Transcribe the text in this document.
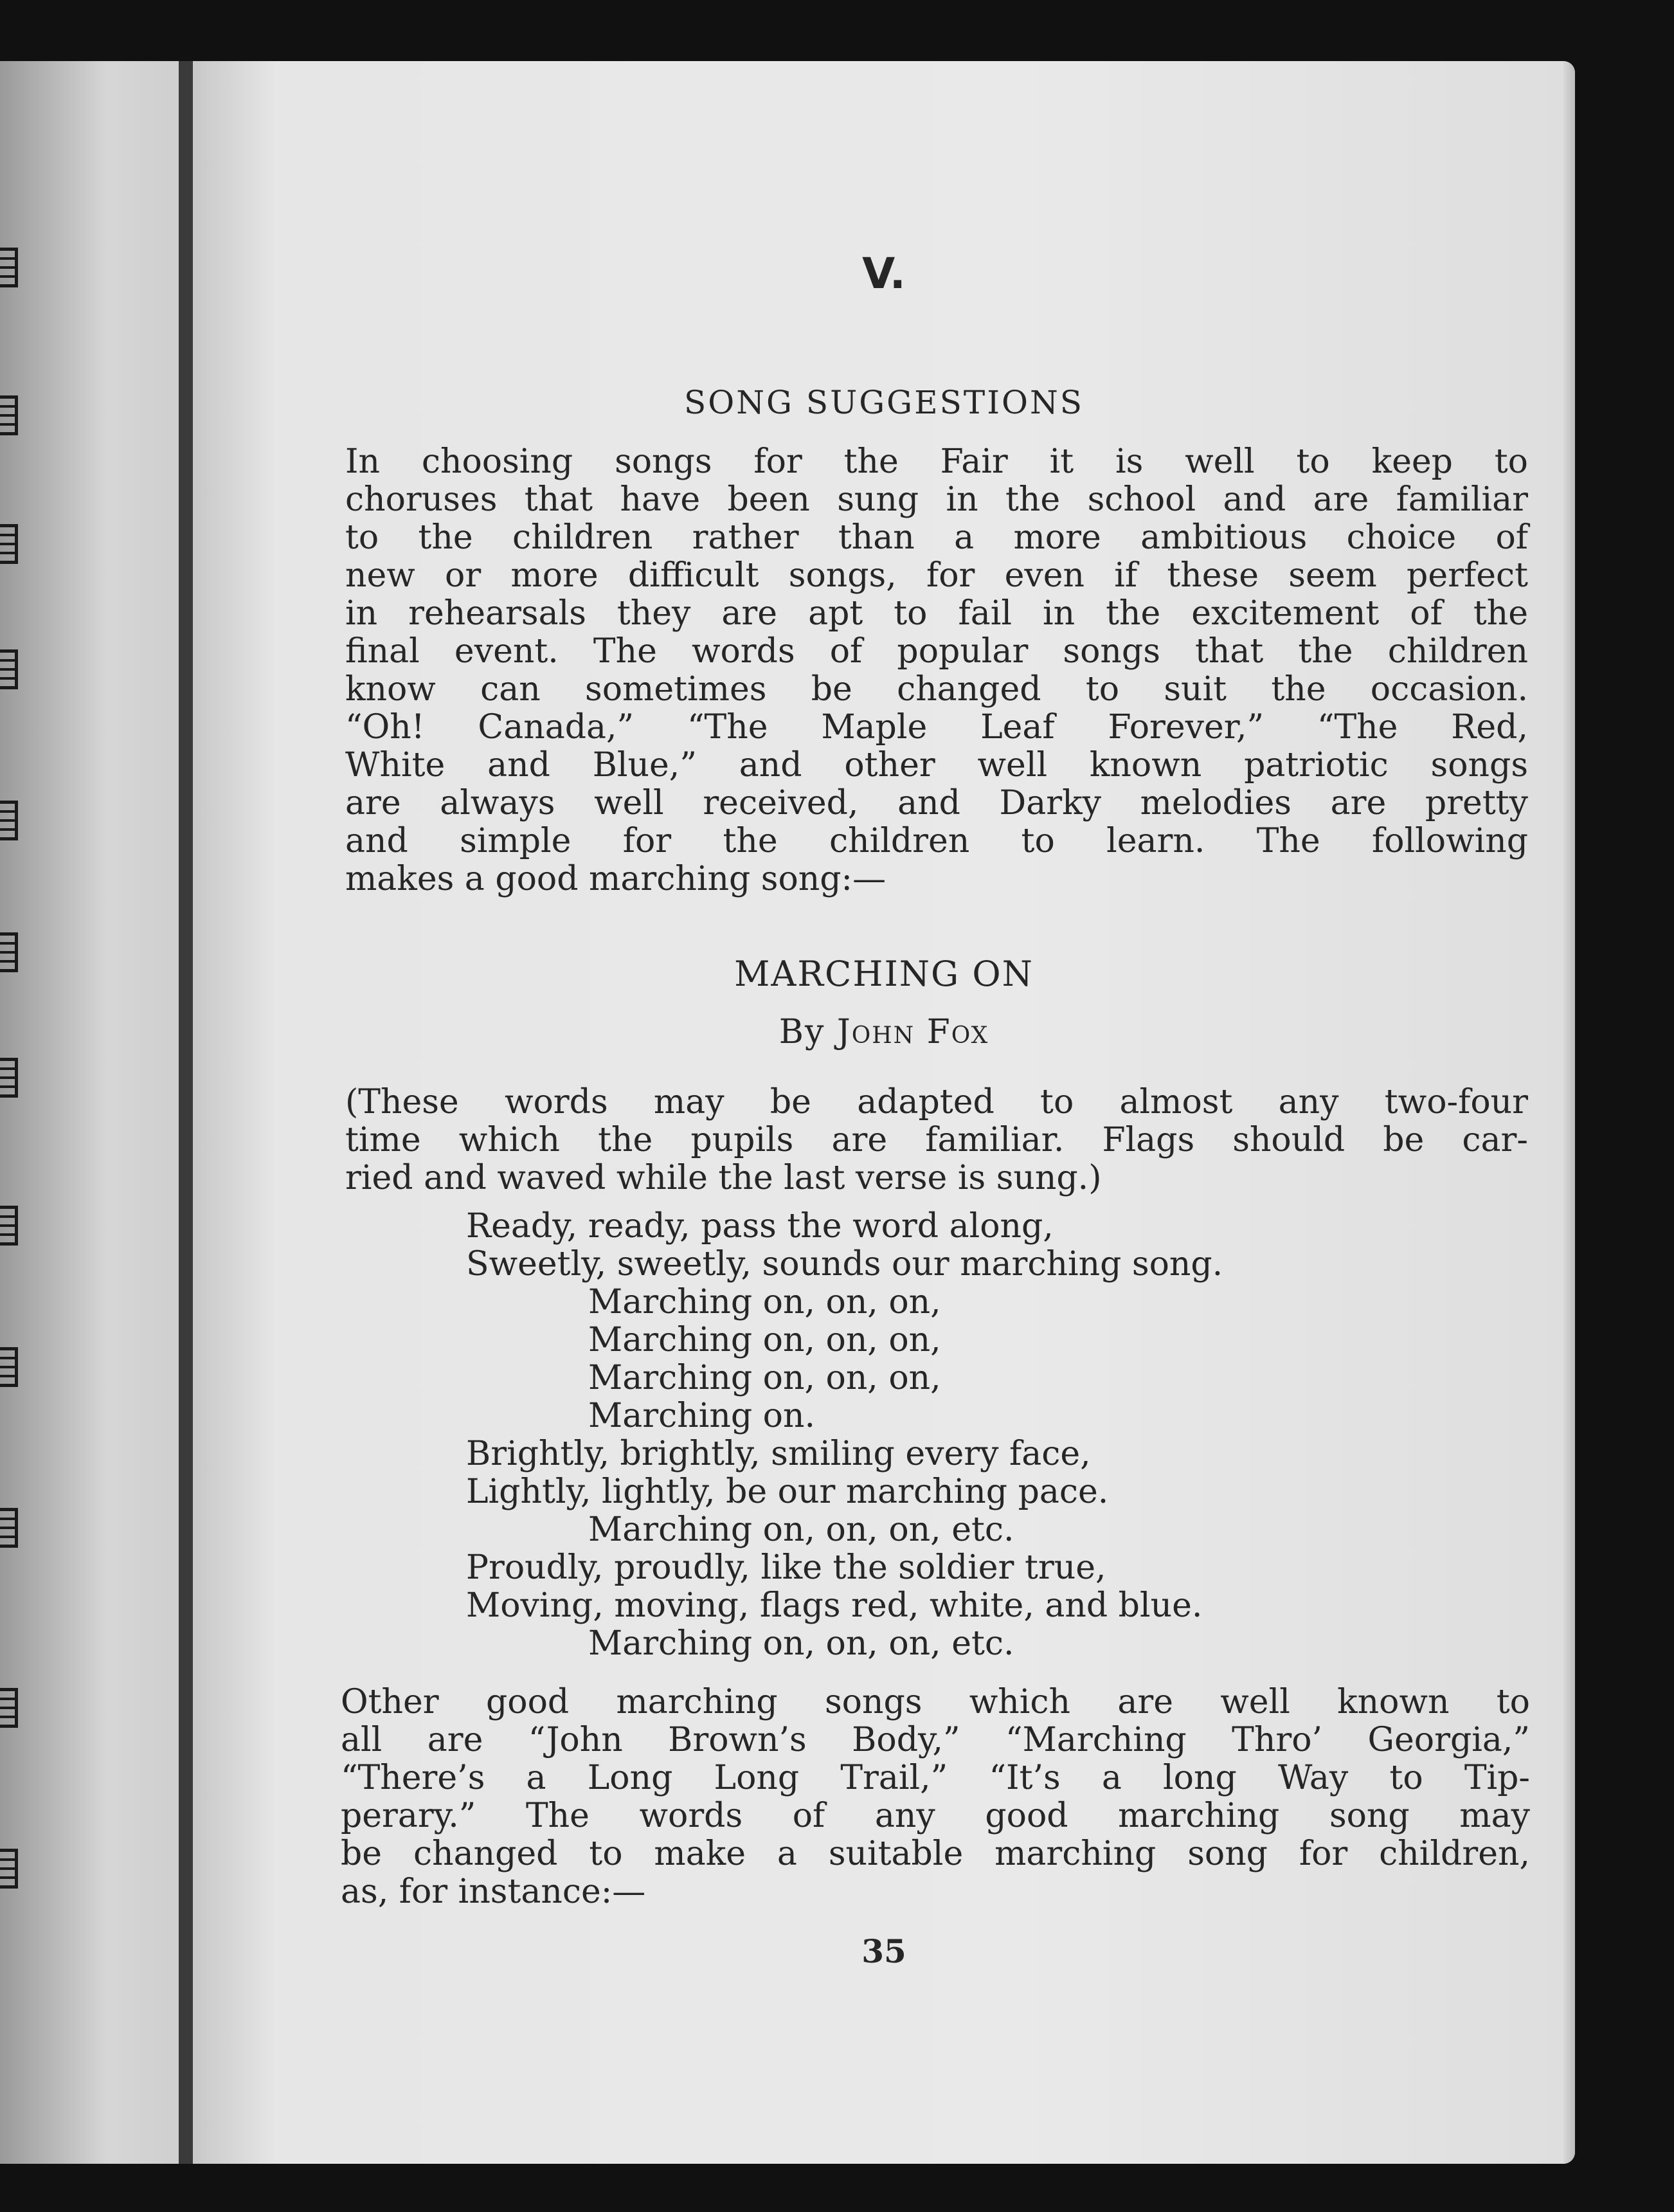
V.
SONG SUGGESTIONS
In choosing songs for the Fair it is well to keep to
choruses that have been sung in the school and are familiar
to the children rather than a more ambitious choice of
new or more difficult songs, for even if these seem perfect
in rehearsals they are apt to fail in the excitement of the
final event. The words of popular songs that the children
know can sometimes be changed to suit the occasion.
“Oh! Canada,” “The Maple Leaf Forever,” “The Red,
White and Blue,” and other well known patriotic songs
are always well received, and Darky melodies are pretty
and simple for the children to learn. The following
makes a good marching song:—
MARCHING ON

By John Fox

(These words may be adapted to almost any two-four
time which the pupils are familiar. Flags should be car-
ried and waved while the last verse is sung.)
Ready, ready, pass the word along,
Sweetly, sweetly, sounds our marching song.
Marching on, on, on,
Marching on, on, on,
Marching on, on, on,
Marching on.
Brightly, brightly, smiling every face,
Lightly, lightly, be our marching pace.
Marching on, on, on, etc.
Proudly, proudly, like the soldier true,
Moving, moving, flags red, white, and blue.
Marching on, on, on, etc.
Other good marching songs which are well known to
all are “John Brown’s Body,” “Marching Thro’ Georgia,”
“There’s a Long Long Trail,” “It’s a long Way to Tip-
perary.” The words of any good marching song may
be changed to make a suitable marching song for children,
as, for instance:—
35
